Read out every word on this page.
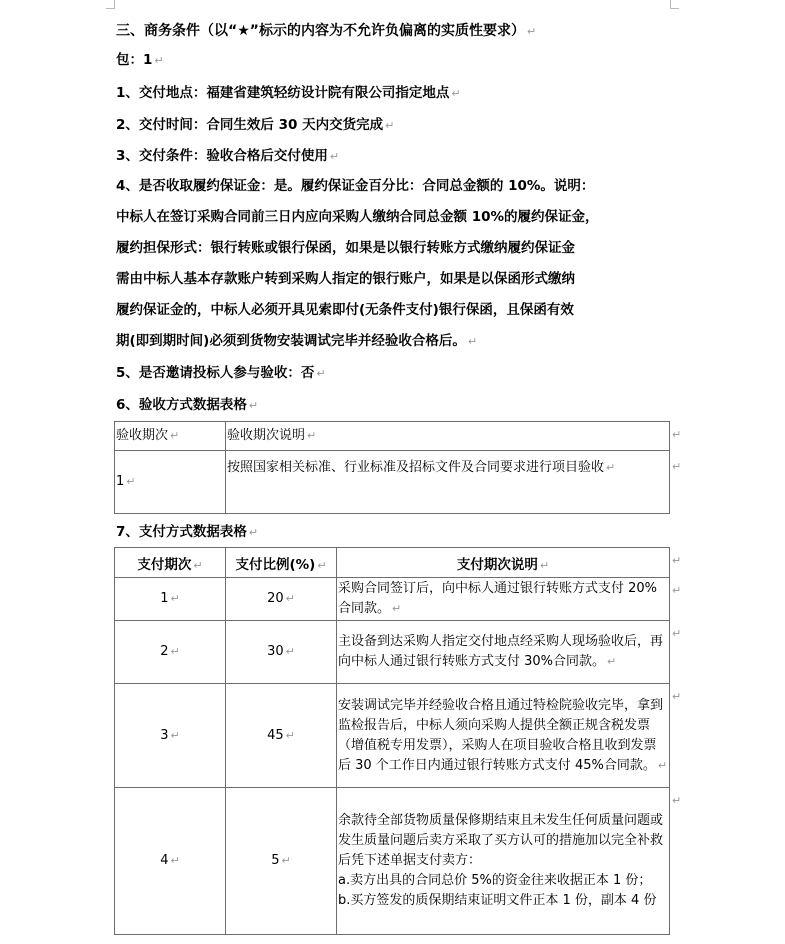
三、商务条件（以“★”标示的内容为不允许负偏离的实质性要求） ↵
包：1 ↵
1、交付地点：福建省建筑轻纺设计院有限公司指定地点 ↵
2、交付时间：合同生效后 30 天内交货完成 ↵
3、交付条件：验收合格后交付使用 ↵
4、是否收取履约保证金：是。履约保证金百分比：合同总金额的 10%。说明：
中标人在签订采购合同前三日内应向采购人缴纳合同总金额 10%的履约保证金，
履约担保形式：银行转账或银行保函，如果是以银行转账方式缴纳履约保证金
需由中标人基本存款账户转到采购人指定的银行账户，如果是以保函形式缴纳
履约保证金的，中标人必须开具见索即付(无条件支付)银行保函，且保函有效
期(即到期时间)必须到货物安装调试完毕并经验收合格后。 ↵
5、是否邀请投标人参与验收：否 ↵
6、验收方式数据表格 ↵
验收期次 ↵	验收期次说明 ↵
1 ↵	按照国家相关标准、行业标准及招标文件及合同要求进行项目验收 ↵
7、支付方式数据表格 ↵
支付期次 ↵	支付比例(%) ↵	支付期次说明 ↵
1 ↵	20 ↵	采购合同签订后，向中标人通过银行转账方式支付 20%合同款。 ↵
2 ↵	30 ↵	主设备到达采购人指定交付地点经采购人现场验收后，再向中标人通过银行转账方式支付 30%合同款。 ↵
3 ↵	45 ↵	安装调试完毕并经验收合格且通过特检院验收完毕，拿到监检报告后，中标人须向采购人提供全额正规含税发票（增值税专用发票），采购人在项目验收合格且收到发票后 30 个工作日内通过银行转账方式支付 45%合同款。 ↵
4 ↵	5 ↵	余款待全部货物质量保修期结束且未发生任何质量问题或发生质量问题后卖方采取了买方认可的措施加以完全补救后凭下述单据支付卖方：
a.卖方出具的合同总价 5%的资金往来收据正本 1 份；
b.买方签发的质保期结束证明文件正本 1 份，副本 4 份
↵
↵
↵
↵
↵
↵
↵
